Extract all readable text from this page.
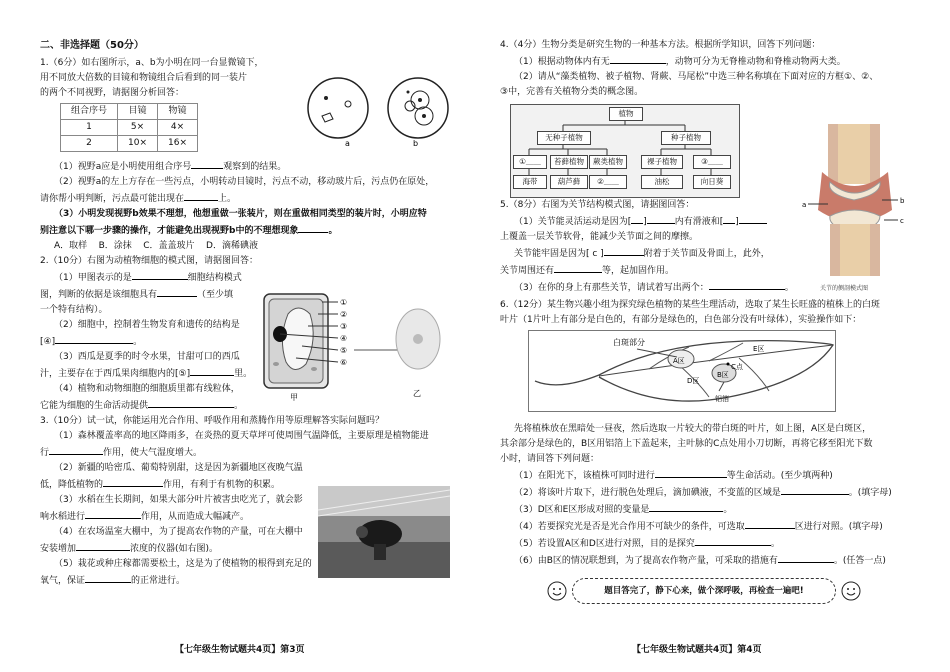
二、非选择题（50分）

1.（6分）如右图所示，a、b为小明在同一台显微镜下，

用不同放大倍数的目镜和物镜组合后看到的同一装片

的两个不同视野，请据图分析回答：

组合序号	目镜	物镜
1	5×	4×
2	10×	16×

（1）视野a应是小明使用组合序号	观察到的结果。

（2）视野a的左上方存在一些污点，小明转动目镜时，污点不动，移动玻片后，污点仍在原处，

请你帮小明判断，污点最可能出现在	上。

（3）小明发现视野b效果不理想，他想重做一张装片，则在重做相同类型的装片时，小明应特

别注意以下哪一步骤的操作，才能避免出现视野b中的不理想现象	。

A．取样 B．涂抹 C．盖盖玻片 D．滴稀碘液

2.（10分）右图为动植物细胞的模式图，请据图回答：

（1）甲图表示的是	细胞结构模式

图，判断的依据是该细胞具有	（至少填

一个特有结构）。

（2）细胞中，控制着生物发育和遗传的结构是

[④]	。

（3）西瓜是夏季的时令水果，甘甜可口的西瓜

汁，主要存在于西瓜果肉细胞内的[⑤]	里。

（4）植物和动物细胞的细胞质里都有线粒体，

它能为细胞的生命活动提供	。

3.（10分）试一试，你能运用光合作用、呼吸作用和蒸腾作用等原理解答实际问题吗？

（1）森林覆盖率高的地区降雨多，在炎热的夏天草坪可使周围气温降低，主要原理是植物能进

行	作用，使大气湿度增大。

（2）新疆的哈密瓜、葡萄特别甜，这是因为新疆地区夜晚气温

低，降低植物的	作用，有利于有机物的积累。

（3）水稻在生长期间，如果大部分叶片被害虫吃光了，就会影

响水稻进行	作用，从而造成大幅减产。

（4）在农场温室大棚中，为了提高农作物的产量，可在大棚中

安装增加	浓度的仪器(如右图)。

（5）栽花或种庄稼都需要松土，这是为了使植物的根得到充足的

氧气，保证	的正常进行。

a	b
①
②
③
④
⑤
⑥
甲	乙
【七年级生物试题共4页】第3页

4.（4分）生物分类是研究生物的一种基本方法。根据所学知识，回答下列问题：

（1）根据动物体内有无	，动物可分为无脊椎动物和脊椎动物两大类。

（2）请从“藻类植物、被子植物、肾蕨、马尾松”中选三种名称填在下面对应的方框①、②、

③中，完善有关植物分类的概念图。

植物
无种子植物	种子植物
①＿＿	苔藓植物	蕨类植物	裸子植物	③＿＿
海带	葫芦藓	②＿＿	油松	向日葵

5.（8分）右图为关节结构模式图，请据图回答：

（1）关节能灵活运动是因为[ ]	内有滑液和[ ]

上覆盖一层关节软骨，能减少关节面之间的摩擦。

关节能牢固是因为[ c ]	附着于关节面及骨面上，此外，

关节周围还有	等，起加固作用。

（3）在你的身上有那些关节，请试着写出两个：	。

a	b
c
关节的侧剖模式图

6.（12分）某生物兴趣小组为探究绿色植物的某些生理活动，选取了某生长旺盛的植株上的白斑

叶片（1片叶上有部分是白色的，有部分是绿色的，白色部分没有叶绿体），实验操作如下：

白斑部分
A区
B区
C点
D区
E区
铝箔

先将植株放在黑暗处一昼夜，然后选取一片较大的带白斑的叶片，如上图，A区是白斑区，

其余部分是绿色的，B区用铝箔上下盖起来，主叶脉的C点处用小刀切断，再将它移至阳光下数

小时，请回答下列问题：

（1）在阳光下，该植株可同时进行	等生命活动。(至少填两种)

（2）将该叶片取下，进行脱色处理后，滴加碘液，不变蓝的区域是	。(填字母)

（3）D区和E区形成对照的变量是	。

（4）若要探究光是否是光合作用不可缺少的条件，可选取	区进行对照。(填字母)

（5）若设置A区和D区进行对照，目的是探究	。

（6）由B区的情况联想到，为了提高农作物产量，可采取的措施有	。(任答一点)

题目答完了，静下心来，做个深呼吸，再检查一遍吧!
【七年级生物试题共4页】第4页
